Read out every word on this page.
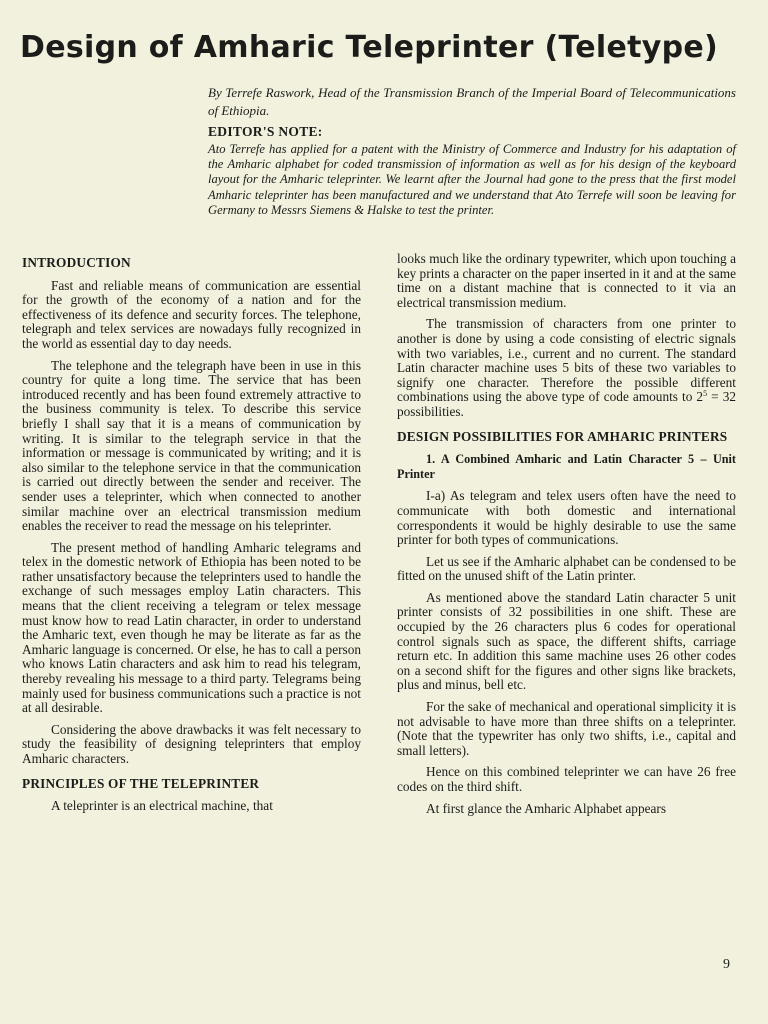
Design of Amharic Teleprinter (Teletype)

By Terrefe Raswork, Head of the Transmission Branch of the Imperial Board of Telecommunications of Ethiopia.

EDITOR'S NOTE:

Ato Terrefe has applied for a patent with the Ministry of Commerce and Industry for his adaptation of the Amharic alphabet for coded transmission of information as well as for his design of the keyboard layout for the Amharic teleprinter. We learnt after the Journal had gone to the press that the first model Amharic teleprinter has been manufactured and we understand that Ato Terrefe will soon be leaving for Germany to Messrs Siemens & Halske to test the printer.

INTRODUCTION

Fast and reliable means of communication are essential for the growth of the economy of a nation and for the effectiveness of its defence and security forces. The telephone, telegraph and telex services are nowadays fully recognized in the world as essential day to day needs.

The telephone and the telegraph have been in use in this country for quite a long time. The service that has been introduced recently and has been found extremely attractive to the business community is telex. To describe this service briefly I shall say that it is a means of communication by writing. It is similar to the telegraph service in that the information or message is communicated by writing; and it is also similar to the telephone service in that the communication is carried out directly between the sender and receiver. The sender uses a teleprinter, which when connected to another similar machine over an electrical transmission medium enables the receiver to read the message on his teleprinter.

The present method of handling Amharic telegrams and telex in the domestic network of Ethiopia has been noted to be rather unsatisfactory because the teleprinters used to handle the exchange of such messages employ Latin characters. This means that the client receiving a telegram or telex message must know how to read Latin character, in order to understand the Amharic text, even though he may be literate as far as the Amharic language is concerned. Or else, he has to call a person who knows Latin characters and ask him to read his telegram, thereby revealing his message to a third party. Telegrams being mainly used for business communications such a practice is not at all desirable.

Considering the above drawbacks it was felt necessary to study the feasibility of designing teleprinters that employ Amharic characters.

PRINCIPLES OF THE TELEPRINTER

A teleprinter is an electrical machine, that

looks much like the ordinary typewriter, which upon touching a key prints a character on the paper inserted in it and at the same time on a distant machine that is connected to it via an electrical transmission medium.

The transmission of characters from one printer to another is done by using a code consisting of electric signals with two variables, i.e., current and no current. The standard Latin character machine uses 5 bits of these two variables to signify one character. Therefore the possible different combinations using the above type of code amounts to $2^5 = 32$ possibilities.

DESIGN POSSIBILITIES FOR AMHARIC PRINTERS
1. A Combined Amharic and Latin Character 5 – Unit Printer

I-a) As telegram and telex users often have the need to communicate with both domestic and international correspondents it would be highly desirable to use the same printer for both types of communications.

Let us see if the Amharic alphabet can be condensed to be fitted on the unused shift of the Latin printer.

As mentioned above the standard Latin character 5 unit printer consists of 32 possibilities in one shift. These are occupied by the 26 characters plus 6 codes for operational control signals such as space, the different shifts, carriage return etc. In addition this same machine uses 26 other codes on a second shift for the figures and other signs like brackets, plus and minus, bell etc.

For the sake of mechanical and operational simplicity it is not advisable to have more than three shifts on a teleprinter. (Note that the typewriter has only two shifts, i.e., capital and small letters).

Hence on this combined teleprinter we can have 26 free codes on the third shift.

At first glance the Amharic Alphabet appears

9
